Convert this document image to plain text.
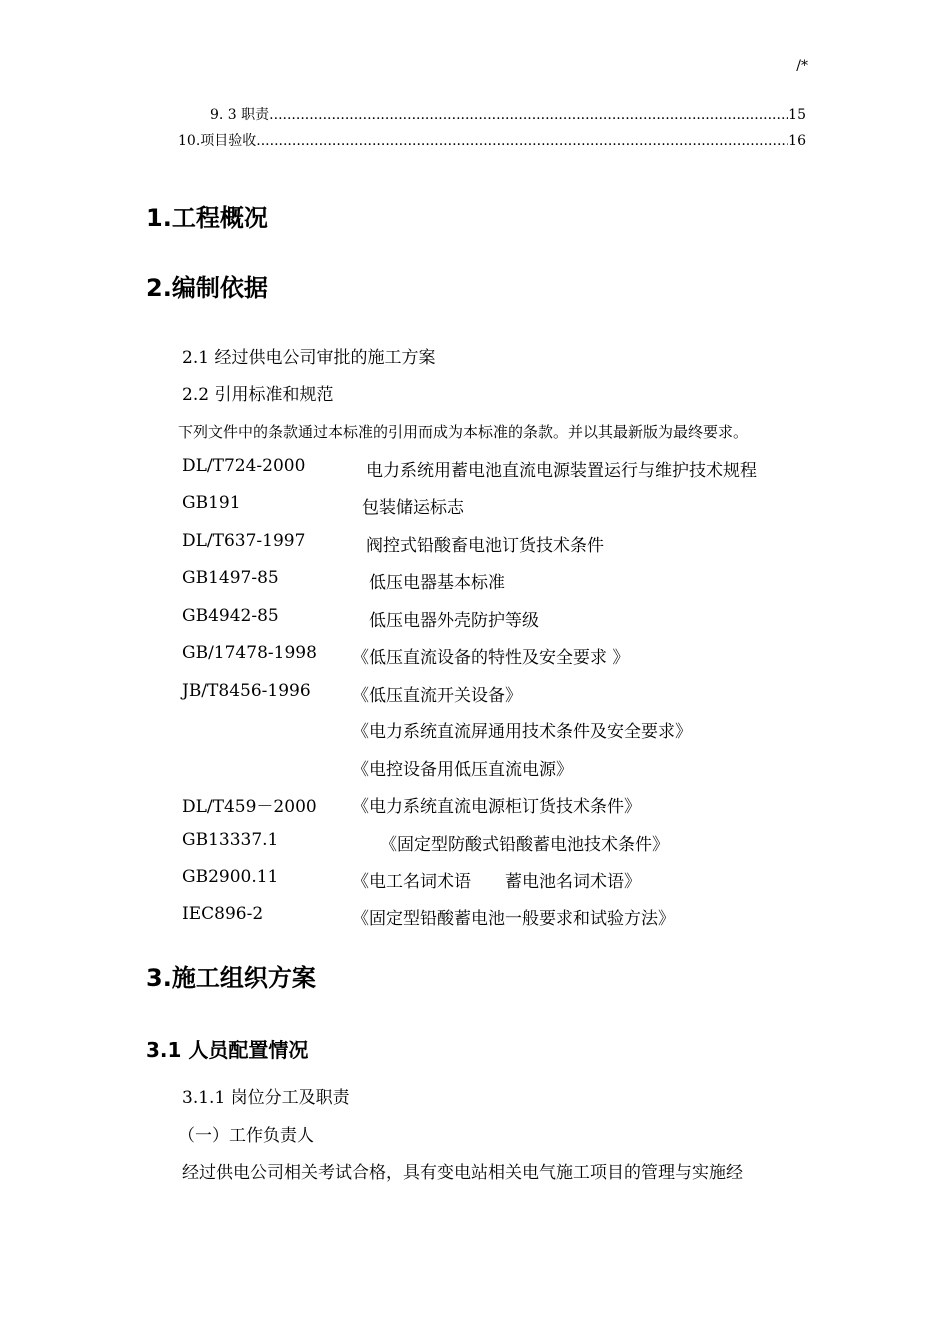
/*
9. 3 职责 .....	15
10.项目验收 .....	16
1.工程概况
2.编制依据
2.1 经过供电公司审批的施工方案
2.2 引用标准和规范
下列文件中的条款通过本标准的引用而成为本标准的条款。并以其最新版为最终要求。
DL/T724-2000	电力系统用蓄电池直流电源装置运行与维护技术规程
GB191	包装储运标志
DL/T637-1997	阀控式铅酸畜电池订货技术条件
GB1497-85	低压电器基本标准
GB4942-85	低压电器外壳防护等级
GB/17478-1998 《低压直流设备的特性及安全要求 》
JB/T8456-1996 《低压直流开关设备》
《电力系统直流屏通用技术条件及安全要求》
《电控设备用低压直流电源》
DL/T459－2000 《电力系统直流电源柜订货技术条件》
GB13337.1	《固定型防酸式铅酸蓄电池技术条件》
GB2900.11	《电工名词术语　　蓄电池名词术语》
IEC896-2	《固定型铅酸蓄电池一般要求和试验方法》
3.施工组织方案
3.1 人员配置情况
3.1.1 岗位分工及职责
（一）工作负责人
经过供电公司相关考试合格，具有变电站相关电气施工项目的管理与实施经
